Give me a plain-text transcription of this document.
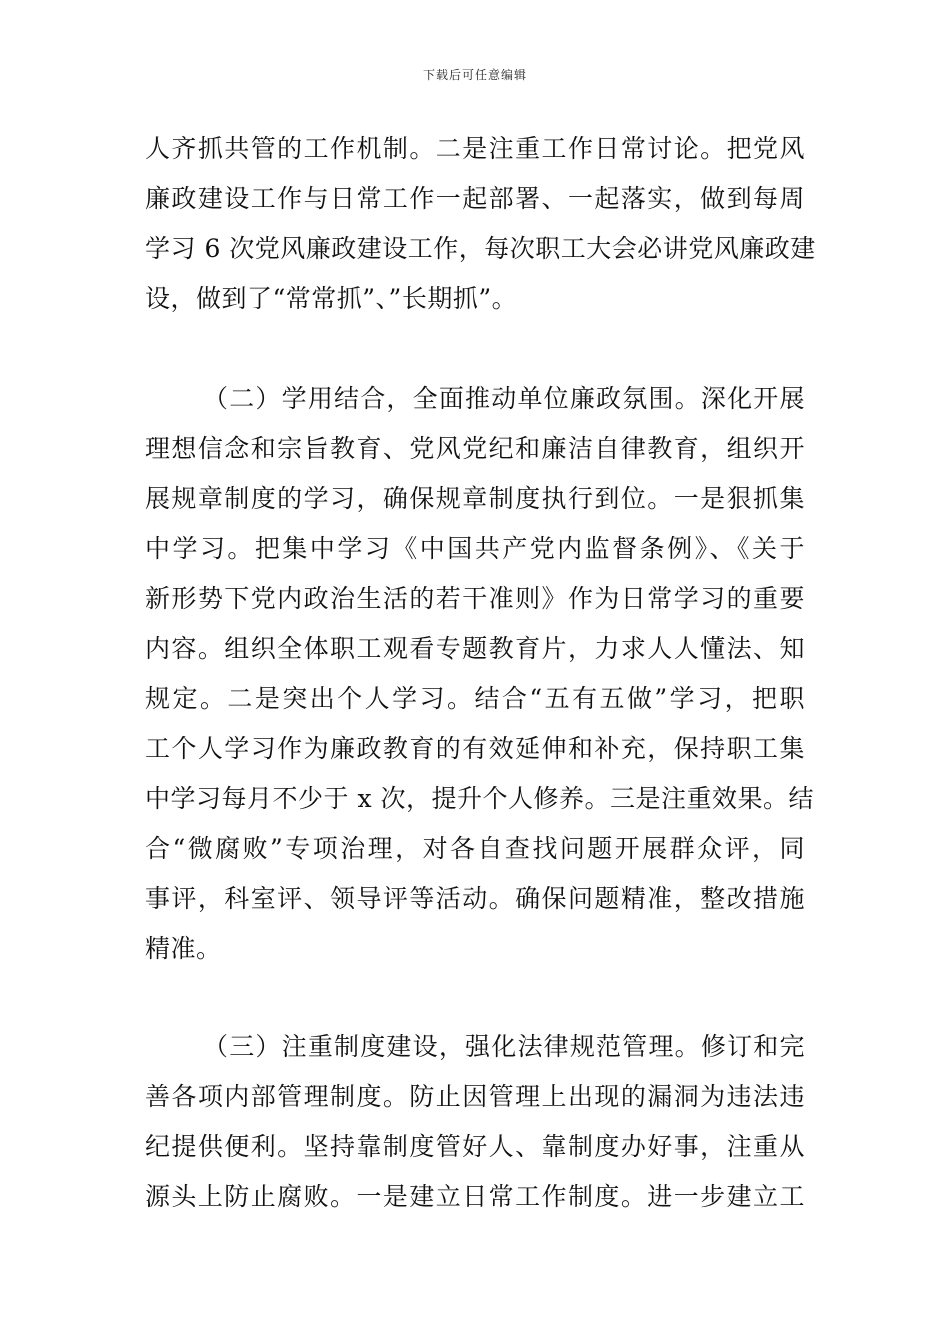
下载后可任意编辑
人齐抓共管的工作机制。二是注重工作日常讨论。把党风
廉政建设工作与日常工作一起部署、一起落实，做到每周
学习 6 次党风廉政建设工作，每次职工大会必讲党风廉政建
设，做到了“常常抓”、”长期抓”。
（二）学用结合，全面推动单位廉政氛围。深化开展
理想信念和宗旨教育、党风党纪和廉洁自律教育，组织开
展规章制度的学习，确保规章制度执行到位。一是狠抓集
中学习。把集中学习《中国共产党内监督条例》、《关于
新形势下党内政治生活的若干准则》作为日常学习的重要
内容。组织全体职工观看专题教育片，力求人人懂法、知
规定。二是突出个人学习。结合“五有五做”学习，把职
工个人学习作为廉政教育的有效延伸和补充，保持职工集
中学习每月不少于 x 次，提升个人修养。三是注重效果。结
合“微腐败”专项治理，对各自查找问题开展群众评，同
事评，科室评、领导评等活动。确保问题精准，整改措施
精准。
（三）注重制度建设，强化法律规范管理。修订和完
善各项内部管理制度。防止因管理上出现的漏洞为违法违
纪提供便利。坚持靠制度管好人、靠制度办好事，注重从
源头上防止腐败。一是建立日常工作制度。进一步建立工
